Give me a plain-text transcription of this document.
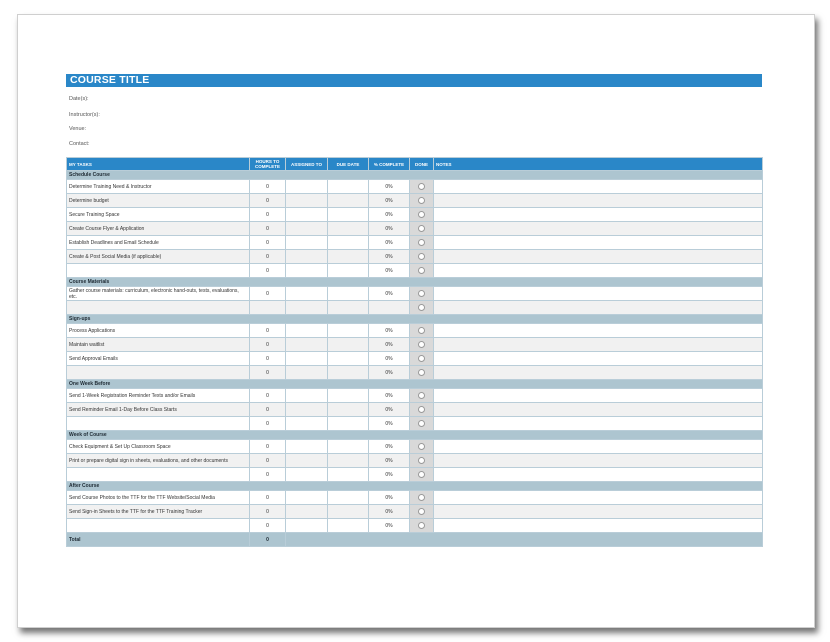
COURSE TITLE
Date(s):
Instructor(s):
Venue:
Contact:
MY TASKS	HOURS TO COMPLETE	ASSIGNED TO	DUE DATE	% COMPLETE	DONE	NOTES
Schedule Course						
Determine Training Need & Instructor	0			0%		
Determine budget	0			0%		
Secure Training Space	0			0%		
Create Course Flyer & Application	0			0%		
Establish Deadlines and Email Schedule	0			0%		
Create & Post Social Media (if applicable)	0			0%		
	0			0%		
Course Materials						
Gather course materials: curriculum, electronic hand-outs, tests, evaluations, etc.	0			0%		

Sign-ups						
Process Applications	0			0%		
Maintain waitlist	0			0%		
Send Approval Emails	0			0%		
	0			0%		
One Week Before						
Send 1-Week Registration Reminder Texts and/or Emails	0			0%		
Send Reminder Email 1-Day Before Class Starts	0			0%		
	0			0%		
Week of Course						
Check Equipment & Set Up Classroom Space	0			0%		
Print or prepare digital sign in sheets, evaluations, and other documents	0			0%		
	0			0%		
After Course						
Send Course Photos to the TTF for the TTF Website/Social Media	0			0%		
Send Sign-in Sheets to the TTF for the TTF Training Tracker	0			0%		
	0			0%		
Total	0					
